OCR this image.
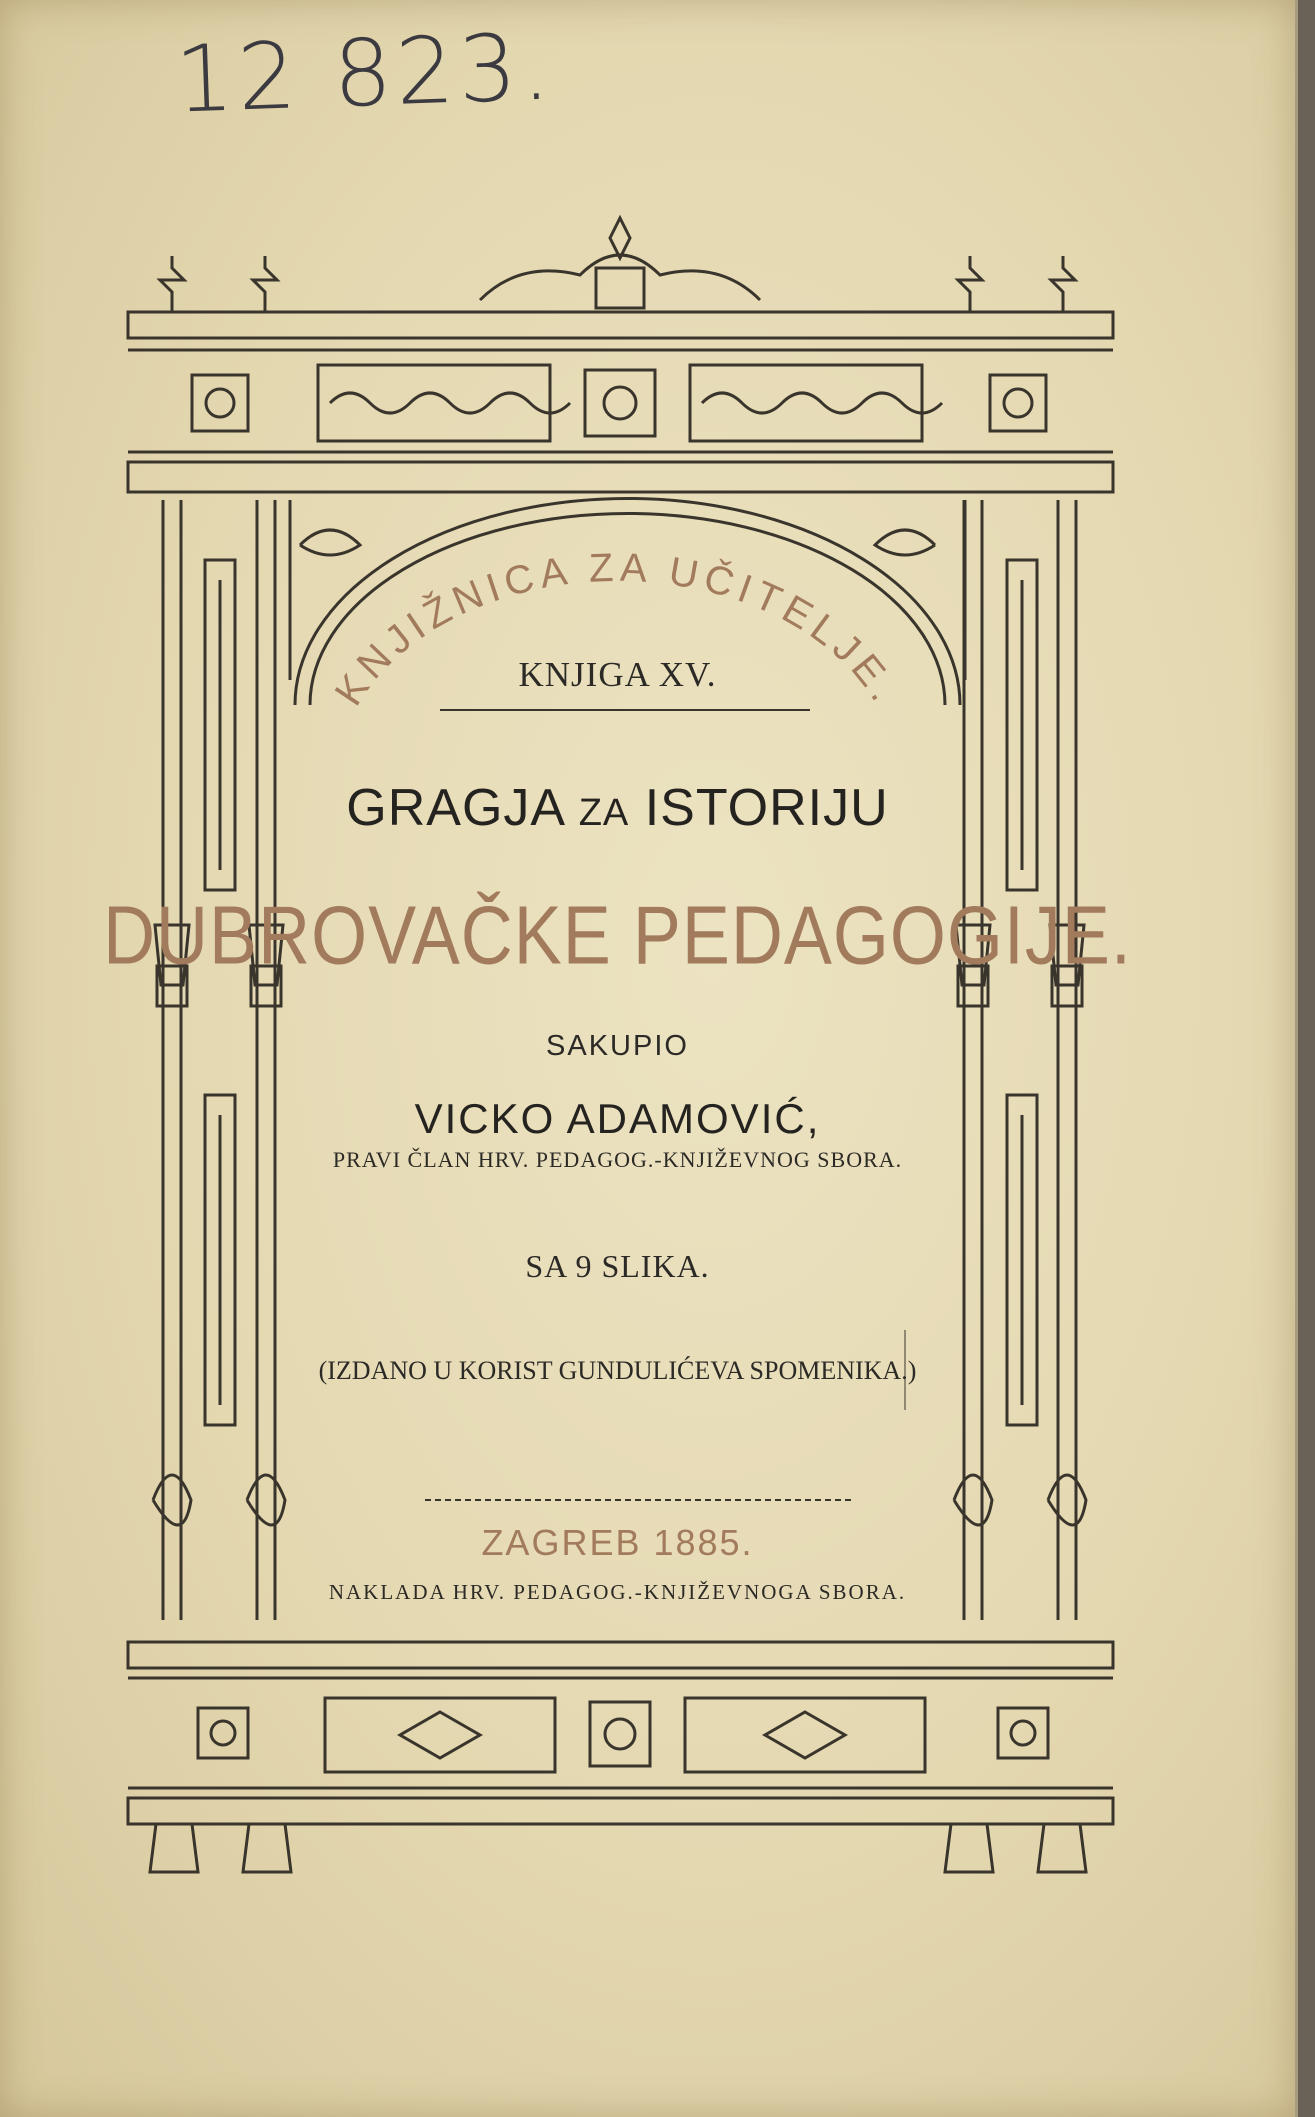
12 823.
KNJIŽNICA ZA UČITELJE.
KNJIGA XV.
GRAGJA ZA ISTORIJU
DUBROVAČKE PEDAGOGIJE.
SAKUPIO
VICKO ADAMOVIĆ,
PRAVI ČLAN HRV. PEDAGOG.-KNJIŽEVNOG SBORA.
SA 9 SLIKA.
(IZDANO U KORIST GUNDULIĆEVA SPOMENIKA.)
ZAGREB 1885.
NAKLADA HRV. PEDAGOG.-KNJIŽEVNOGA SBORA.
